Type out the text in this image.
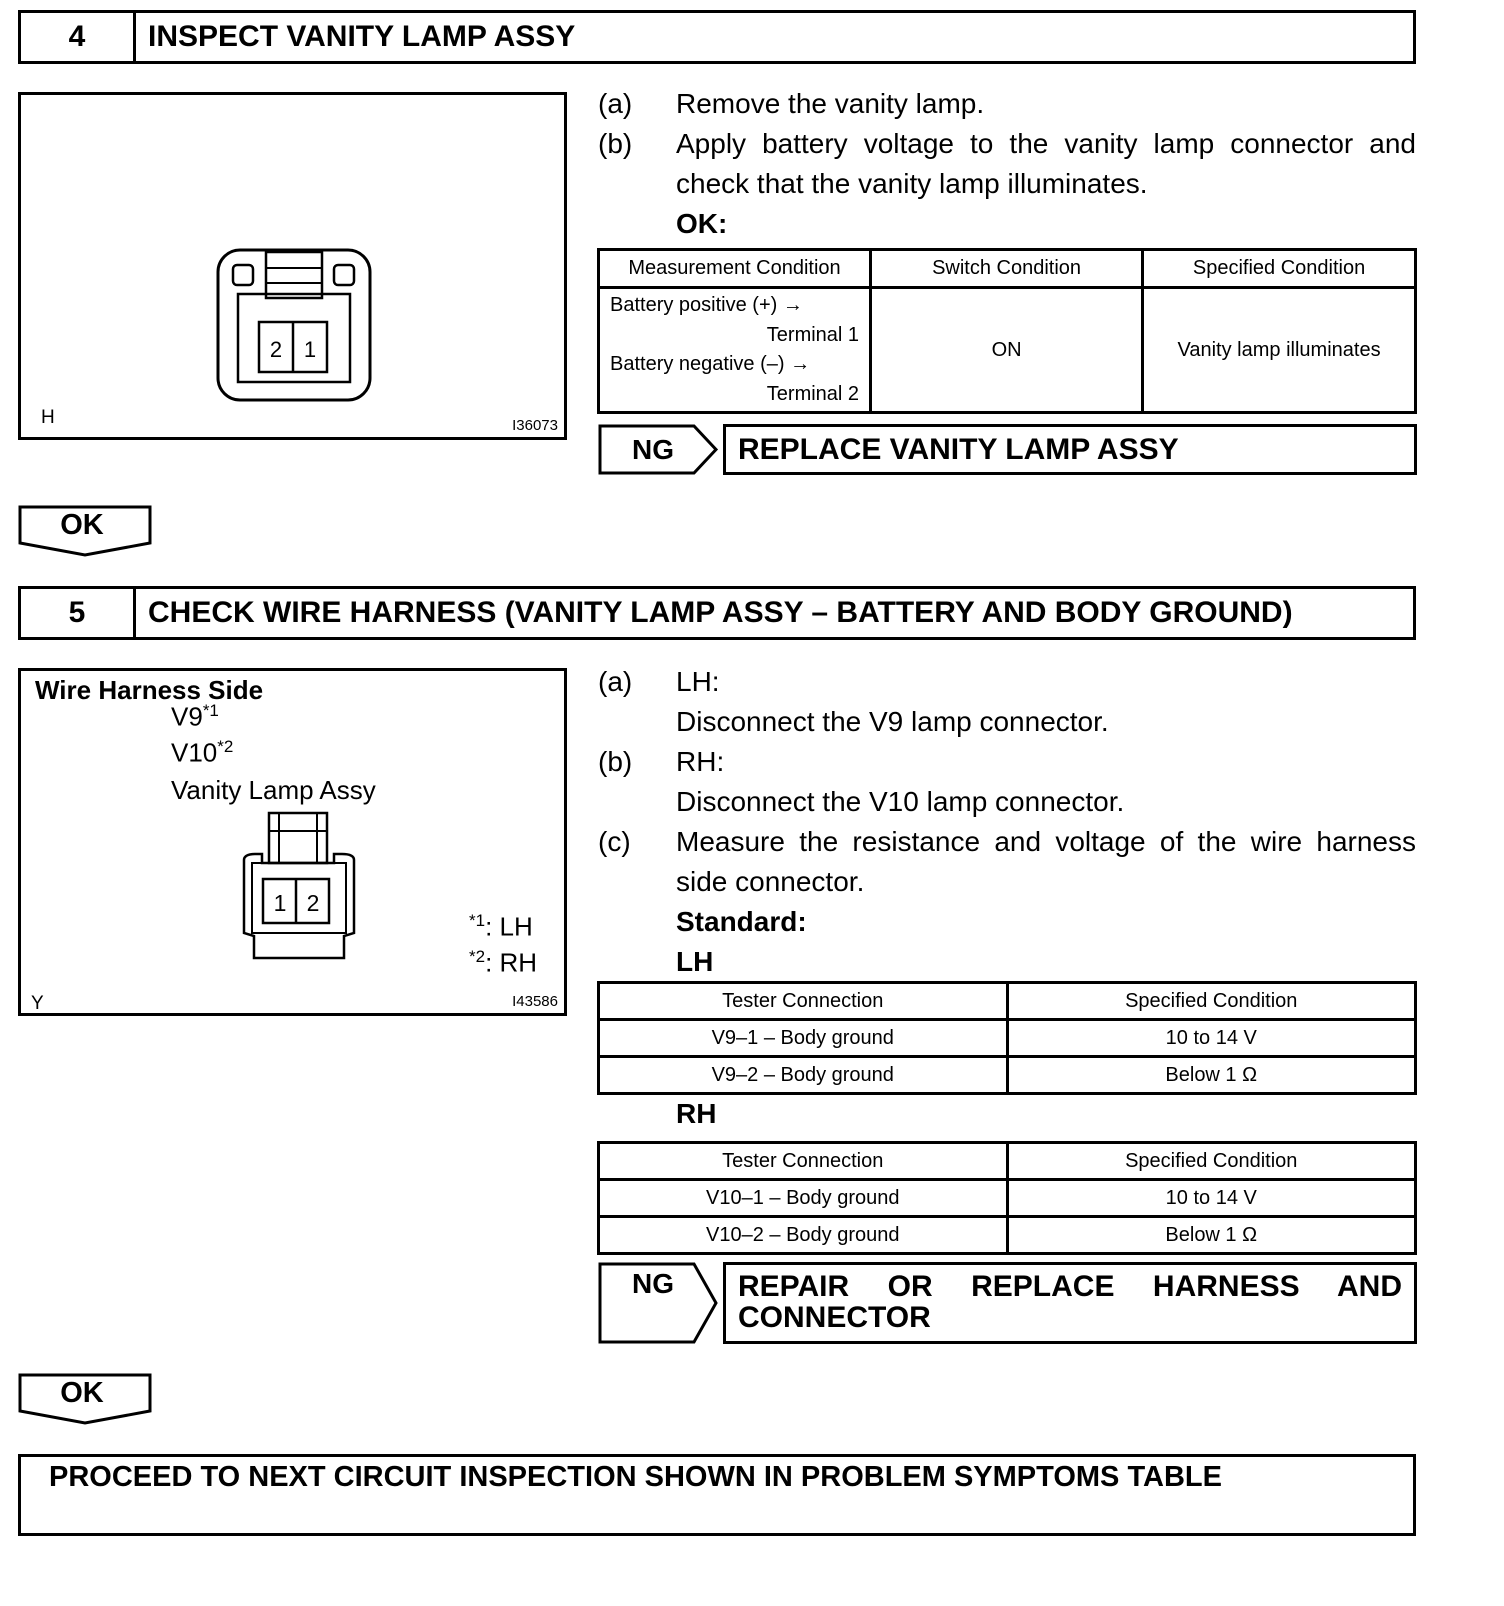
4	INSPECT VANITY LAMP ASSY
2 1
H	I36073
(a)	Remove the vanity lamp.
(b)	Apply battery voltage to the vanity lamp connector and check that the vanity lamp illuminates.
OK:
Measurement Condition	Switch Condition	Specified Condition

Battery positive (+) →
Terminal 1
Battery negative (–) →
Terminal 2	ON	Vanity lamp illuminates
NG	REPLACE VANITY LAMP ASSY
OK
5	CHECK WIRE HARNESS (VANITY LAMP ASSY – BATTERY AND BODY GROUND)
Wire Harness Side
V9$^{*1}$
V10$^{*2}$
Vanity Lamp Assy
1 2
$^{*1}$: LH
$^{*2}$: RH
Y	I43586
(a)	LH:
Disconnect the V9 lamp connector.
(b)	RH:
Disconnect the V10 lamp connector.
(c)	Measure the resistance and voltage of the wire harness side connector.
Standard:
LH
Tester Connection	Specified Condition
V9–1 – Body ground	10 to 14 V
V9–2 – Body ground	Below 1 Ω
RH
Tester Connection	Specified Condition
V10–1 – Body ground	10 to 14 V
V10–2 – Body ground	Below 1 Ω
NG	REPAIR OR REPLACE HARNESS AND CONNECTOR
OK
PROCEED TO NEXT CIRCUIT INSPECTION SHOWN IN PROBLEM SYMPTOMS TABLE
